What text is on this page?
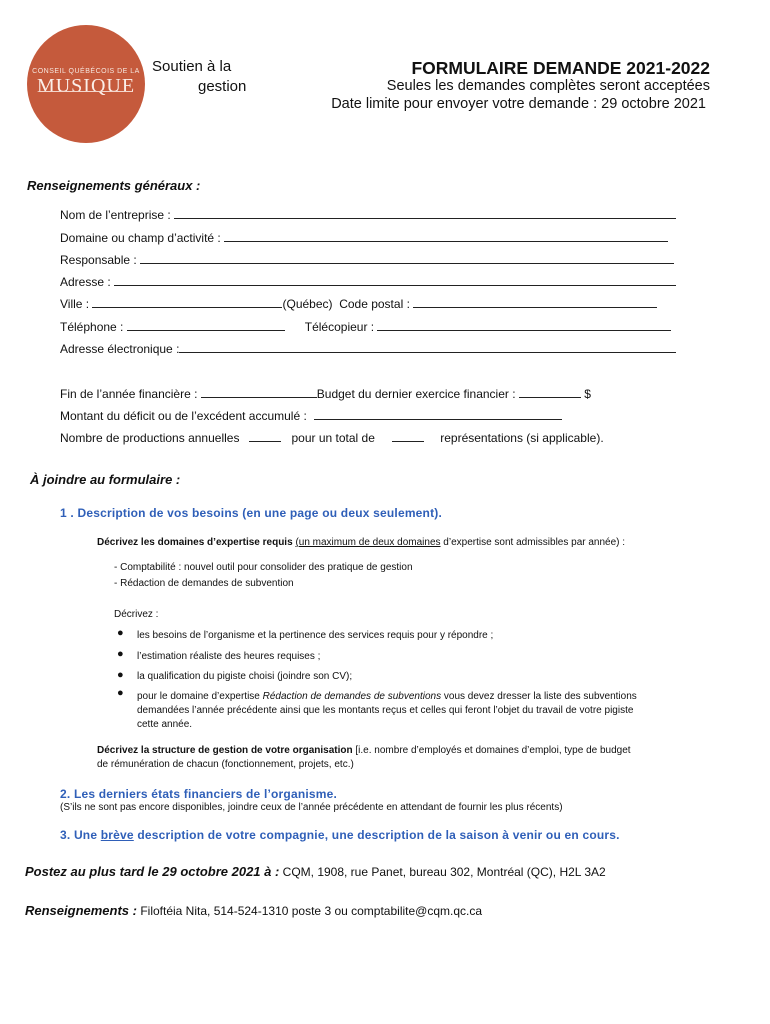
CONSEIL QUÉBÉCOIS DE LA
MUSIQUE
Soutien à la
gestion
FORMULAIRE DEMANDE 2021-2022
Seules les demandes complètes seront acceptées
Date limite pour envoyer votre demande : 29 octobre 2021
Renseignements généraux :
Nom de l’entreprise :
Domaine ou champ d’activité :
Responsable :
Adresse :
Ville :	(Québec) Code postal :
Téléphone :	Télécopieur :
Adresse électronique :
Fin de l’année financière :	Budget du dernier exercice financier :	$
Montant du déficit ou de l’excédent accumulé :
Nombre de productions annuelles	pour un total de	représentations (si applicable).
À joindre au formulaire :
1 . Description de vos besoins (en une page ou deux seulement).
Décrivez les domaines d’expertise requis (un maximum de deux domaines d’expertise sont admissibles par année) :
- Comptabilité : nouvel outil pour consolider des pratique de gestion
- Rédaction de demandes de subvention
Décrivez :
● les besoins de l’organisme et la pertinence des services requis pour y répondre ;
● l’estimation réaliste des heures requises ;
● la qualification du pigiste choisi (joindre son CV);
● pour le domaine d’expertise Rédaction de demandes de subventions vous devez dresser la liste des subventions
demandées l’année précédente ainsi que les montants reçus et celles qui feront l’objet du travail de votre pigiste
cette année.
Décrivez la structure de gestion de votre organisation [i.e. nombre d’employés et domaines d’emploi, type de budget
de rémunération de chacun (fonctionnement, projets, etc.)
2. Les derniers états financiers de l’organisme.
(S’ils ne sont pas encore disponibles, joindre ceux de l’année précédente en attendant de fournir les plus récents)
3. Une brève description de votre compagnie, une description de la saison à venir ou en cours.
Postez au plus tard le 29 octobre 2021 à : CQM, 1908, rue Panet, bureau 302, Montréal (QC), H2L 3A2
Renseignements : Filoftéia Nita, 514-524-1310 poste 3 ou comptabilite@cqm.qc.ca
